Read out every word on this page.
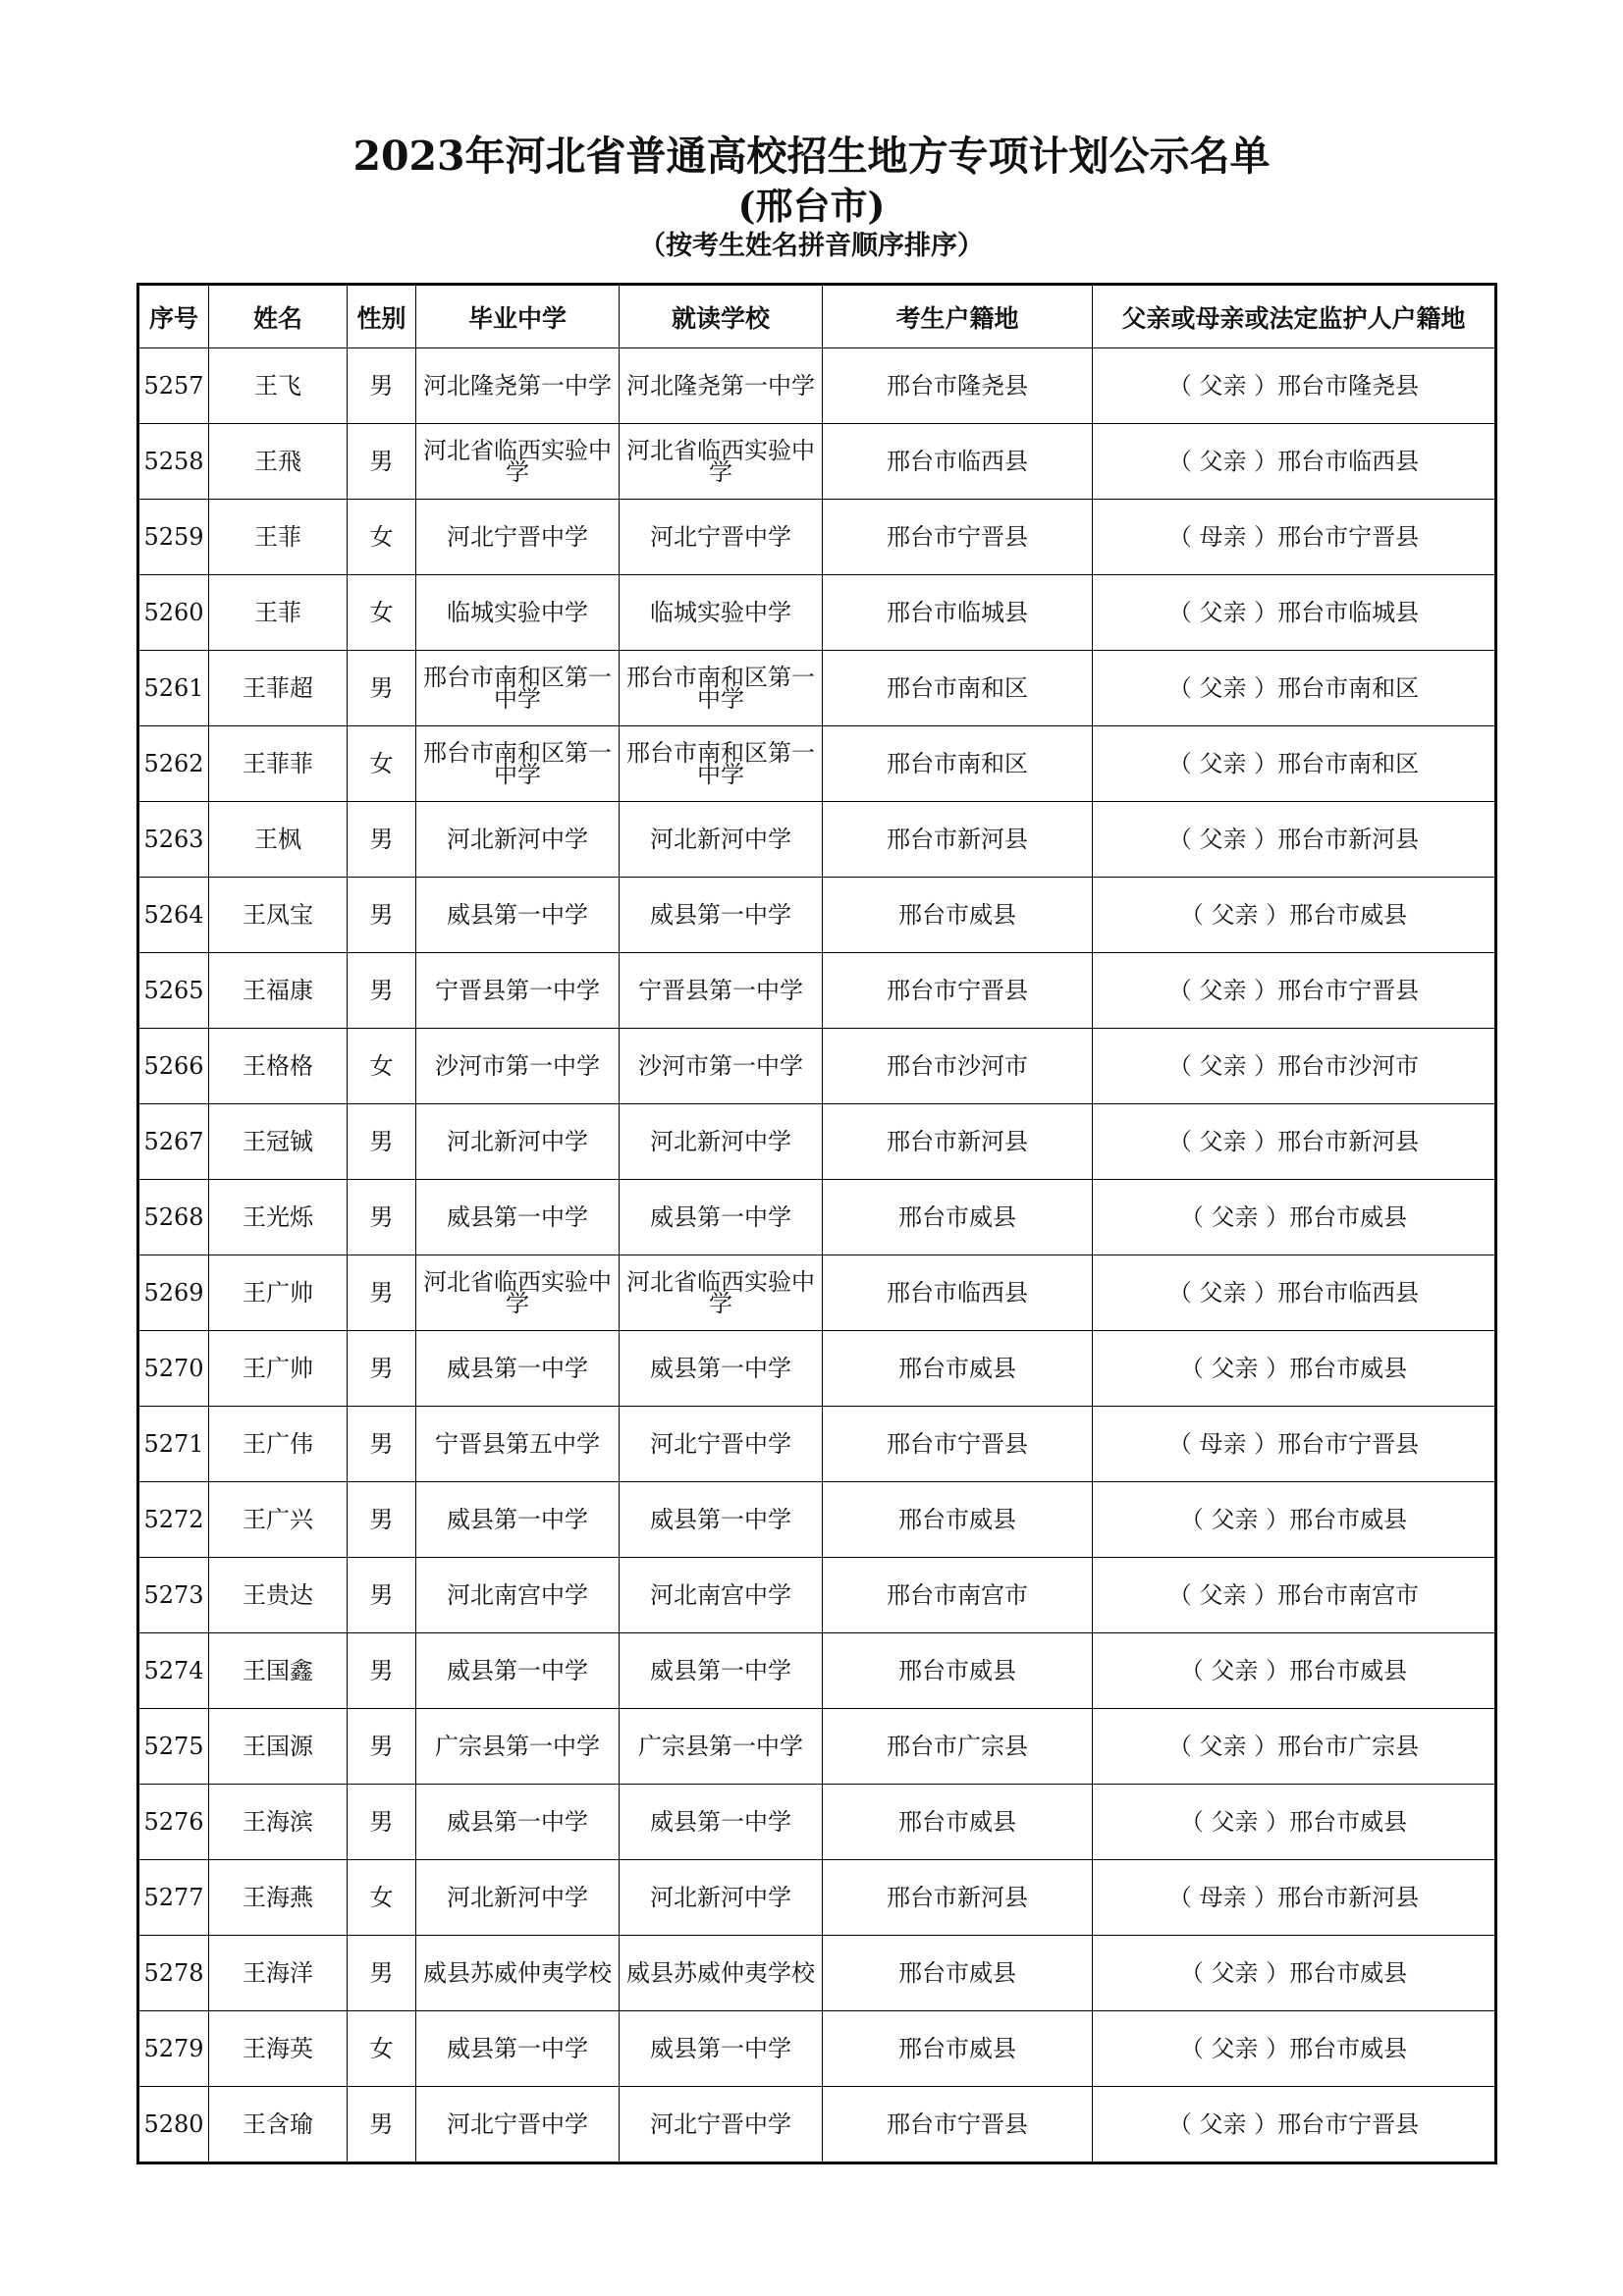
2023年河北省普通高校招生地方专项计划公示名单
(邢台市)
（按考生姓名拼音顺序排序）
序号	姓名	性别	毕业中学	就读学校	考生户籍地	父亲或母亲或法定监护人户籍地
5257	王飞	男	河北隆尧第一中学	河北隆尧第一中学	邢台市隆尧县	（ 父亲 ）邢台市隆尧县
5258	王飛	男	河北省临西实验中学	河北省临西实验中学	邢台市临西县	（ 父亲 ）邢台市临西县
5259	王菲	女	河北宁晋中学	河北宁晋中学	邢台市宁晋县	（ 母亲 ）邢台市宁晋县
5260	王菲	女	临城实验中学	临城实验中学	邢台市临城县	（ 父亲 ）邢台市临城县
5261	王菲超	男	邢台市南和区第一中学	邢台市南和区第一中学	邢台市南和区	（ 父亲 ）邢台市南和区
5262	王菲菲	女	邢台市南和区第一中学	邢台市南和区第一中学	邢台市南和区	（ 父亲 ）邢台市南和区
5263	王枫	男	河北新河中学	河北新河中学	邢台市新河县	（ 父亲 ）邢台市新河县
5264	王凤宝	男	威县第一中学	威县第一中学	邢台市威县	（ 父亲 ）邢台市威县
5265	王福康	男	宁晋县第一中学	宁晋县第一中学	邢台市宁晋县	（ 父亲 ）邢台市宁晋县
5266	王格格	女	沙河市第一中学	沙河市第一中学	邢台市沙河市	（ 父亲 ）邢台市沙河市
5267	王冠铖	男	河北新河中学	河北新河中学	邢台市新河县	（ 父亲 ）邢台市新河县
5268	王光烁	男	威县第一中学	威县第一中学	邢台市威县	（ 父亲 ）邢台市威县
5269	王广帅	男	河北省临西实验中学	河北省临西实验中学	邢台市临西县	（ 父亲 ）邢台市临西县
5270	王广帅	男	威县第一中学	威县第一中学	邢台市威县	（ 父亲 ）邢台市威县
5271	王广伟	男	宁晋县第五中学	河北宁晋中学	邢台市宁晋县	（ 母亲 ）邢台市宁晋县
5272	王广兴	男	威县第一中学	威县第一中学	邢台市威县	（ 父亲 ）邢台市威县
5273	王贵达	男	河北南宫中学	河北南宫中学	邢台市南宫市	（ 父亲 ）邢台市南宫市
5274	王国鑫	男	威县第一中学	威县第一中学	邢台市威县	（ 父亲 ）邢台市威县
5275	王国源	男	广宗县第一中学	广宗县第一中学	邢台市广宗县	（ 父亲 ）邢台市广宗县
5276	王海滨	男	威县第一中学	威县第一中学	邢台市威县	（ 父亲 ）邢台市威县
5277	王海燕	女	河北新河中学	河北新河中学	邢台市新河县	（ 母亲 ）邢台市新河县
5278	王海洋	男	威县苏威仲夷学校	威县苏威仲夷学校	邢台市威县	（ 父亲 ）邢台市威县
5279	王海英	女	威县第一中学	威县第一中学	邢台市威县	（ 父亲 ）邢台市威县
5280	王含瑜	男	河北宁晋中学	河北宁晋中学	邢台市宁晋县	（ 父亲 ）邢台市宁晋县
